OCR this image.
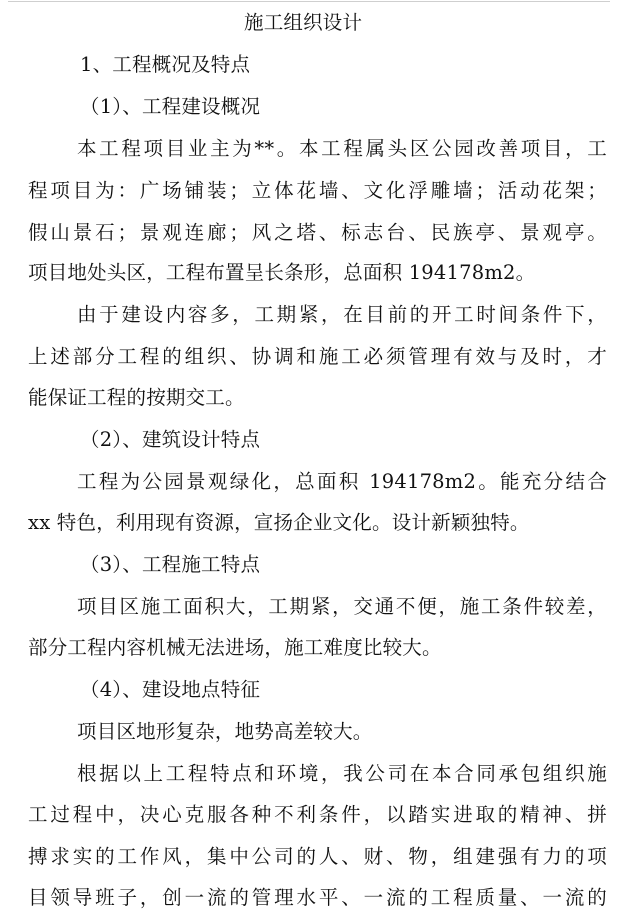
施工组织设计
1、工程概况及特点
（1）、工程建设概况
本工程项目业主为**。本工程属头区公园改善项目，工
程项目为：广场铺装；立体花墙、文化浮雕墙；活动花架；
假山景石；景观连廊；风之塔、标志台、民族亭、景观亭。
项目地处头区，工程布置呈长条形，总面积 194178m2。
由于建设内容多，工期紧，在目前的开工时间条件下，
上述部分工程的组织、协调和施工必须管理有效与及时，才
能保证工程的按期交工。
（2）、建筑设计特点
工程为公园景观绿化，总面积 194178m2。能充分结合
xx 特色，利用现有资源，宣扬企业文化。设计新颖独特。
（3）、工程施工特点
项目区施工面积大，工期紧，交通不便，施工条件较差，
部分工程内容机械无法进场，施工难度比较大。
（4）、建设地点特征
项目区地形复杂，地势高差较大。
根据以上工程特点和环境，我公司在本合同承包组织施
工过程中，决心克服各种不利条件，以踏实进取的精神、拼
搏求实的工作风，集中公司的人、财、物，组建强有力的项
目领导班子，创一流的管理水平、一流的工程质量、一流的
